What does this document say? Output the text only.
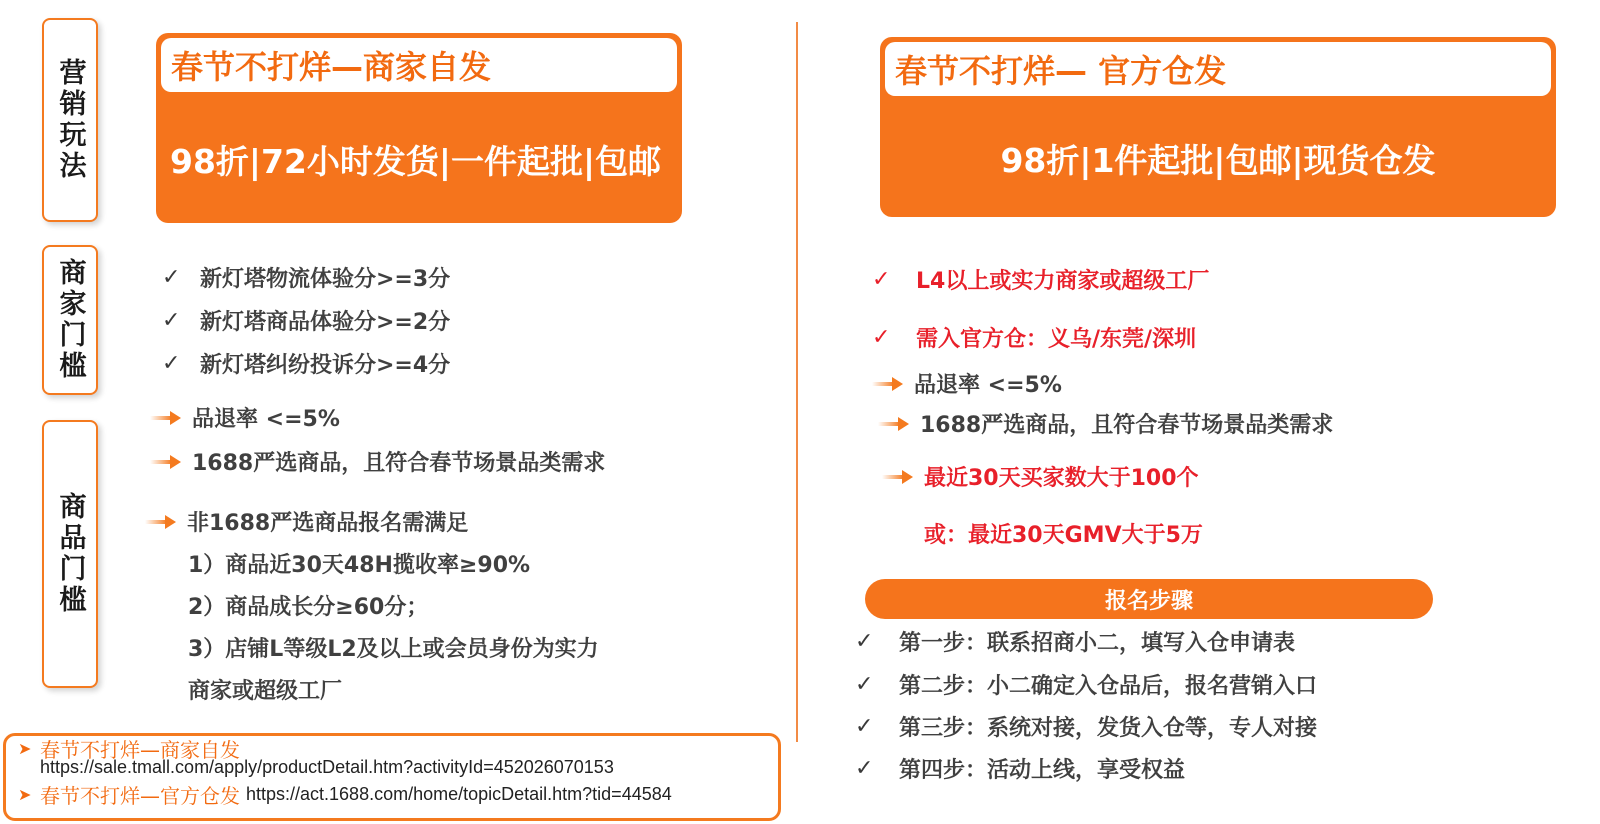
营销玩法
商家门槛
商品门槛
春节不打烊—商家自发
98折|72小时发货|一件起批|包邮
春节不打烊— 官方仓发
98折|1件起批|包邮|现货仓发
✓ 新灯塔物流体验分>=3分
✓ 新灯塔商品体验分>=2分
✓ 新灯塔纠纷投诉分>=4分
品退率 <=5%
1688严选商品，且符合春节场景品类需求
非1688严选商品报名需满足
1）商品近30天48H揽收率≥90%
2）商品成长分≥60分；
3）店铺L等级L2及以上或会员身份为实力
商家或超级工厂
✓	L4以上或实力商家或超级工厂
✓	需入官方仓：义乌/东莞/深圳
品退率 <=5%
1688严选商品，且符合春节场景品类需求
最近30天买家数大于100个
或：最近30天GMV大于5万
报名步骤
✓	第一步：联系招商小二，填写入仓申请表
✓	第二步：小二确定入仓品后，报名营销入口
✓	第三步：系统对接，发货入仓等，专人对接
✓	第四步：活动上线，享受权益
➤ 春节不打烊—商家自发
https://sale.tmall.com/apply/productDetail.htm?activityId=452026070153
➤ 春节不打烊—官方仓发 https://act.1688.com/home/topicDetail.htm?tid=44584
